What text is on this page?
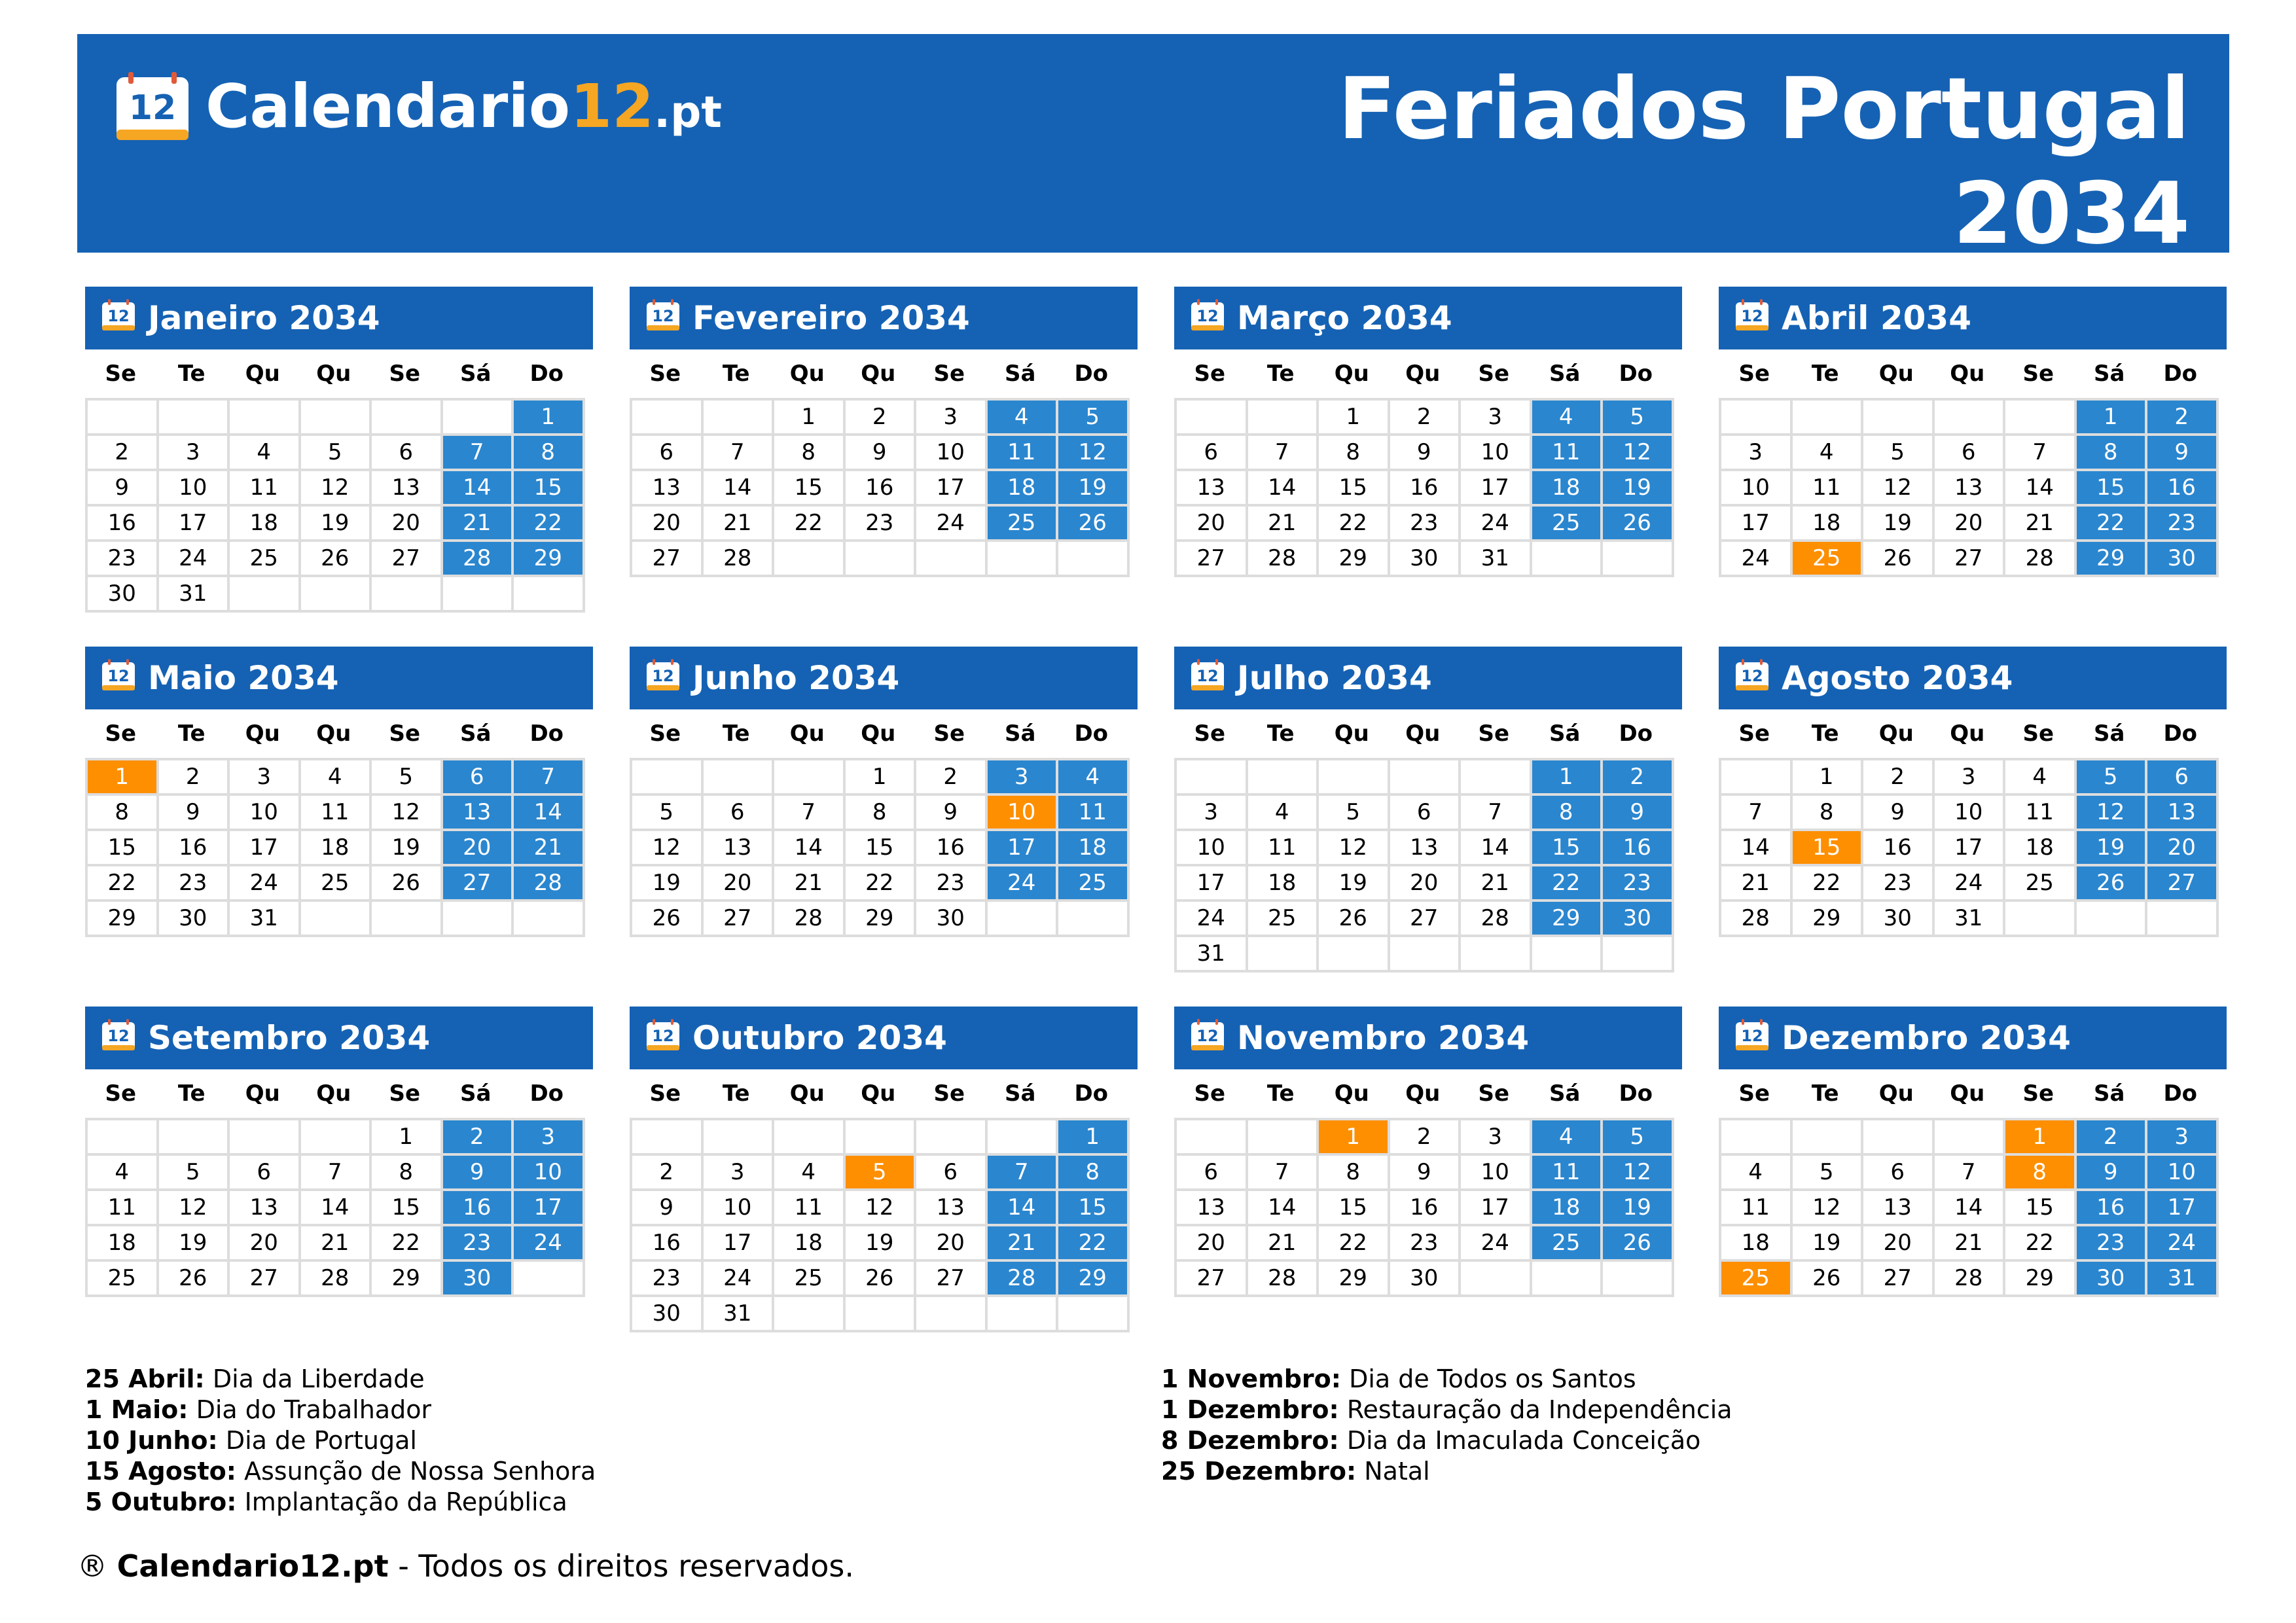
12 Calendario12.pt	Feriados Portugal
2034
12 Janeiro 2034
Se	Te	Qu	Qu	Se	Sá	Do
						1
2	3	4	5	6	7	8
9	10	11	12	13	14	15
16	17	18	19	20	21	22
23	24	25	26	27	28	29
30	31					
12 Fevereiro 2034
Se	Te	Qu	Qu	Se	Sá	Do
		1	2	3	4	5
6	7	8	9	10	11	12
13	14	15	16	17	18	19
20	21	22	23	24	25	26
27	28					
12 Março 2034
Se	Te	Qu	Qu	Se	Sá	Do
		1	2	3	4	5
6	7	8	9	10	11	12
13	14	15	16	17	18	19
20	21	22	23	24	25	26
27	28	29	30	31		
12 Abril 2034
Se	Te	Qu	Qu	Se	Sá	Do
					1	2
3	4	5	6	7	8	9
10	11	12	13	14	15	16
17	18	19	20	21	22	23
24	25	26	27	28	29	30
12 Maio 2034
Se	Te	Qu	Qu	Se	Sá	Do
1	2	3	4	5	6	7
8	9	10	11	12	13	14
15	16	17	18	19	20	21
22	23	24	25	26	27	28
29	30	31				
12 Junho 2034
Se	Te	Qu	Qu	Se	Sá	Do
			1	2	3	4
5	6	7	8	9	10	11
12	13	14	15	16	17	18
19	20	21	22	23	24	25
26	27	28	29	30		
12 Julho 2034
Se	Te	Qu	Qu	Se	Sá	Do
					1	2
3	4	5	6	7	8	9
10	11	12	13	14	15	16
17	18	19	20	21	22	23
24	25	26	27	28	29	30
31						
12 Agosto 2034
Se	Te	Qu	Qu	Se	Sá	Do
	1	2	3	4	5	6
7	8	9	10	11	12	13
14	15	16	17	18	19	20
21	22	23	24	25	26	27
28	29	30	31			
12 Setembro 2034
Se	Te	Qu	Qu	Se	Sá	Do
				1	2	3
4	5	6	7	8	9	10
11	12	13	14	15	16	17
18	19	20	21	22	23	24
25	26	27	28	29	30	
12 Outubro 2034
Se	Te	Qu	Qu	Se	Sá	Do
						1
2	3	4	5	6	7	8
9	10	11	12	13	14	15
16	17	18	19	20	21	22
23	24	25	26	27	28	29
30	31					
12 Novembro 2034
Se	Te	Qu	Qu	Se	Sá	Do
		1	2	3	4	5
6	7	8	9	10	11	12
13	14	15	16	17	18	19
20	21	22	23	24	25	26
27	28	29	30			
12 Dezembro 2034
Se	Te	Qu	Qu	Se	Sá	Do
				1	2	3
4	5	6	7	8	9	10
11	12	13	14	15	16	17
18	19	20	21	22	23	24
25	26	27	28	29	30	31
25 Abril: Dia da Liberdade
1 Maio: Dia do Trabalhador
10 Junho: Dia de Portugal
15 Agosto: Assunção de Nossa Senhora
5 Outubro: Implantação da República
1 Novembro: Dia de Todos os Santos
1 Dezembro: Restauração da Independência
8 Dezembro: Dia da Imaculada Conceição
25 Dezembro: Natal
® Calendario12.pt - Todos os direitos reservados.
